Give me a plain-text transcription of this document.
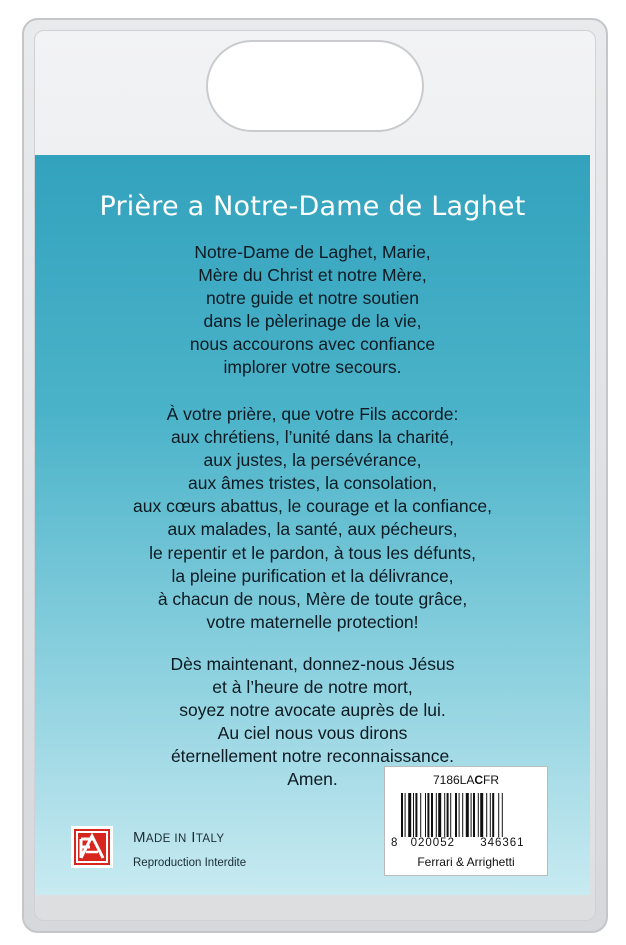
Prière a Notre-Dame de Laghet

Notre-Dame de Laghet, Marie,

Mère du Christ et notre Mère,

notre guide et notre soutien

dans le pèlerinage de la vie,

nous accourons avec confiance

implorer votre secours.

À votre prière, que votre Fils accorde:

aux chrétiens, l’unité dans la charité,

aux justes, la persévérance,

aux âmes tristes, la consolation,

aux cœurs abattus, le courage et la confiance,

aux malades, la santé, aux pécheurs,

le repentir et le pardon, à tous les défunts,

la pleine purification et la délivrance,

à chacun de nous, Mère de toute grâce,

votre maternelle protection!

Dès maintenant, donnez-nous Jésus

et à l’heure de notre mort,

soyez notre avocate auprès de lui.

Au ciel nous vous dirons

éternellement notre reconnaissance.

Amen.

MADE IN ITALY
Reproduction Interdite
7186LACFR
8 020052 346361
Ferrari & Arrighetti
